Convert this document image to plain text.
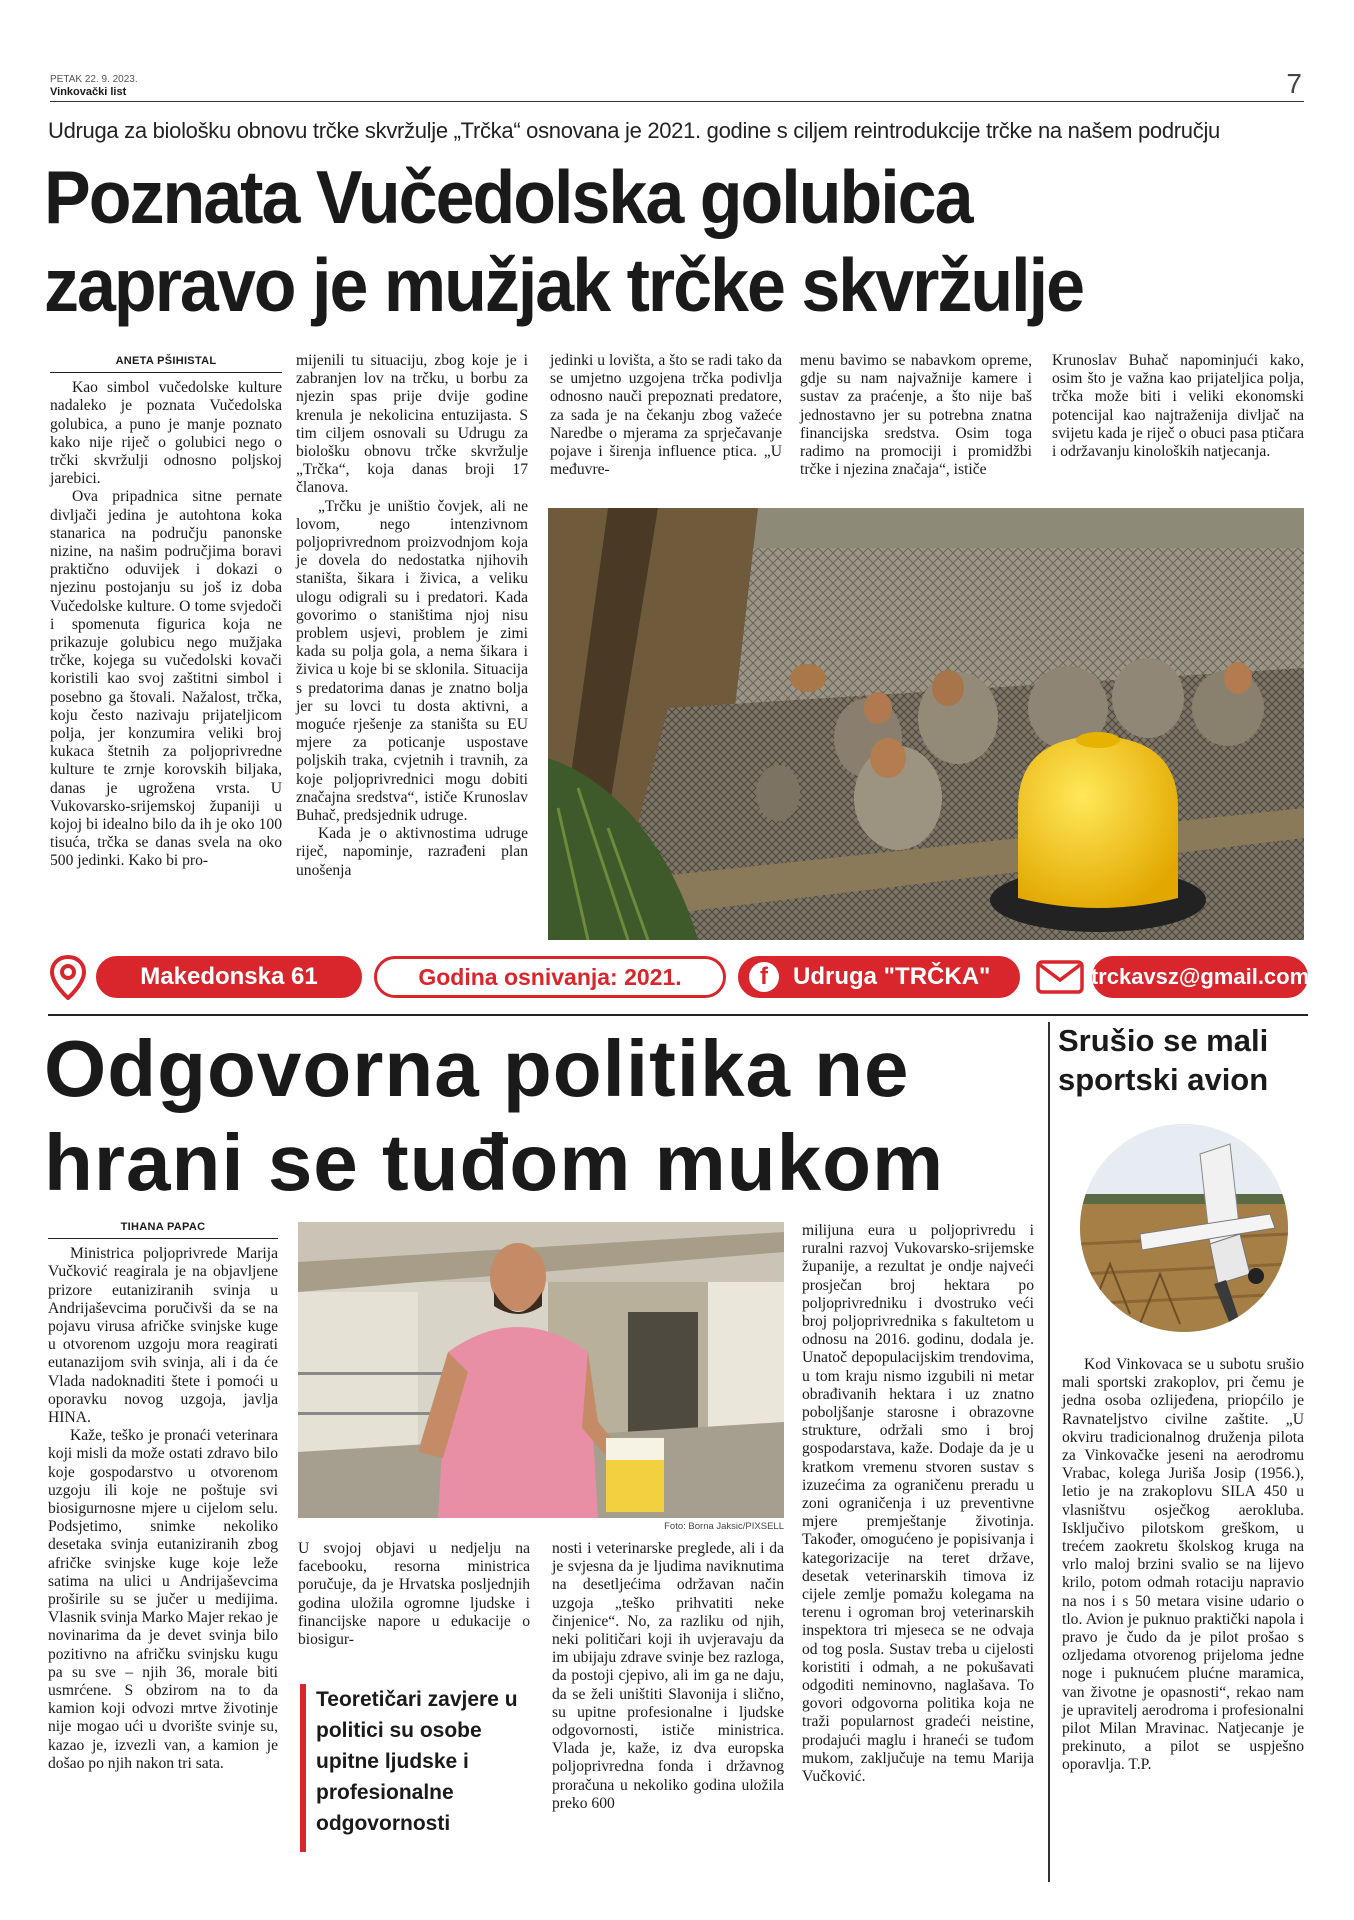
PETAK 22. 9. 2023.
Vinkovački list	7
Udruga za biološku obnovu trčke skvržulje „Trčka“ osnovana je 2021. godine s ciljem reintrodukcije trčke na našem području
Poznata Vučedolska golubica
zapravo je mužjak trčke skvržulje
ANETA PŠIHISTAL

Kao simbol vučedolske kulture nadaleko je poznata Vučedolska golubica, a puno je manje poznato kako nije riječ o golubici nego o trčki skvržulji odnosno poljskoj jarebici.

Ova pripadnica sitne pernate divljači jedina je autohtona koka stanarica na području panonske nizine, na našim područjima boravi praktično oduvijek i dokazi o njezinu postojanju su još iz doba Vučedolske kulture. O tome svjedoči i spomenuta figurica koja ne prikazuje golubicu nego mužjaka trčke, kojega su vučedolski kovači koristili kao svoj zaštitni simbol i posebno ga štovali. Nažalost, trčka, koju često nazivaju prijateljicom polja, jer konzumira veliki broj kukaca štetnih za poljoprivredne kulture te zrnje korovskih biljaka, danas je ugrožena vrsta. U Vukovarsko-srijemskoj županiji u kojoj bi idealno bilo da ih je oko 100 tisuća, trčka se danas svela na oko 500 jedinki. Kako bi pro-

mijenili tu situaciju, zbog koje je i zabranjen lov na trčku, u borbu za njezin spas prije dvije godine krenula je nekolicina entuzijasta. S tim ciljem osnovali su Udrugu za biološku obnovu trčke skvržulje „Trčka“, koja danas broji 17 članova.

„Trčku je uništio čovjek, ali ne lovom, nego intenzivnom poljoprivrednom proizvodnjom koja je dovela do nedostatka njihovih staništa, šikara i živica, a veliku ulogu odigrali su i predatori. Kada govorimo o staništima njoj nisu problem usjevi, problem je zimi kada su polja gola, a nema šikara i živica u koje bi se sklonila. Situacija s predatorima danas je znatno bolja jer su lovci tu dosta aktivni, a moguće rješenje za staništa su EU mjere za poticanje uspostave poljskih traka, cvjetnih i travnih, za koje poljoprivrednici mogu dobiti značajna sredstva“, ističe Krunoslav Buhač, predsjednik udruge.

Kada je o aktivnostima udruge riječ, napominje, razrađeni plan unošenja

jedinki u lovišta, a što se radi tako da se umjetno uzgojena trčka podivlja odnosno nauči prepoznati predatore, za sada je na čekanju zbog važeće Naredbe o mjerama za sprječavanje pojave i širenja influence ptica. „U međuvre-

menu bavimo se nabavkom opreme, gdje su nam najvažnije kamere i sustav za praćenje, a što nije baš jednostavno jer su potrebna znatna financijska sredstva. Osim toga radimo na promociji i promidžbi trčke i njezina značaja“, ističe

Krunoslav Buhač napominjući kako, osim što je važna kao prijateljica polja, trčka može biti i veliki ekonomski potencijal kao najtraženija divljač na svijetu kada je riječ o obuci pasa ptičara i održavanju kinoloških natjecanja.

Makedonska 61	Godina osnivanja: 2021.	f	Udruga "TRČKA"	trckavsz@gmail.com
Odgovorna politika ne
hrani se tuđom mukom
TIHANA PAPAC

Ministrica poljoprivrede Marija Vučković reagirala je na objavljene prizore eutaniziranih svinja u Andrijaševcima poručivši da se na pojavu virusa afričke svinjske kuge u otvorenom uzgoju mora reagirati eutanazijom svih svinja, ali i da će Vlada nadoknaditi štete i pomoći u oporavku novog uzgoja, javlja HINA.

Kaže, teško je pronaći veterinara koji misli da može ostati zdravo bilo koje gospodarstvo u otvorenom uzgoju ili koje ne poštuje svi biosigurnosne mjere u cijelom selu. Podsjetimo, snimke nekoliko desetaka svinja eutaniziranih zbog afričke svinjske kuge koje leže satima na ulici u Andrijaševcima proširile su se jučer u medijima. Vlasnik svinja Marko Majer rekao je novinarima da je devet svinja bilo pozitivno na afričku svinjsku kugu pa su sve – njih 36, morale biti usmrćene. S obzirom na to da kamion koji odvozi mrtve životinje nije mogao ući u dvorište svinje su, kazao je, izvezli van, a kamion je došao po njih nakon tri sata.

Foto: Borna Jaksic/PIXSELL

U svojoj objavi u nedjelju na facebooku, resorna ministrica poručuje, da je Hrvatska posljednjih godina uložila ogromne ljudske i financijske napore u edukacije o biosigur-

Teoretičari zavjere u politici su osobe upitne ljudske i profesionalne odgovornosti

nosti i veterinarske preglede, ali i da je svjesna da je ljudima naviknutima na desetljećima održavan način uzgoja „teško prihvatiti neke činjenice“. No, za razliku od njih, neki političari koji ih uvjeravaju da im ubijaju zdrave svinje bez razloga, da postoji cjepivo, ali im ga ne daju, da se želi uništiti Slavonija i slično, su upitne profesionalne i ljudske odgovornosti, ističe ministrica. Vlada je, kaže, iz dva europska poljoprivredna fonda i državnog proračuna u nekoliko godina uložila preko 600

milijuna eura u poljoprivredu i ruralni razvoj Vukovarsko-srijemske županije, a rezultat je ondje najveći prosječan broj hektara po poljoprivredniku i dvostruko veći broj poljoprivrednika s fakultetom u odnosu na 2016. godinu, dodala je. Unatoč depopulacijskim trendovima, u tom kraju nismo izgubili ni metar obrađivanih hektara i uz znatno poboljšanje starosne i obrazovne strukture, održali smo i broj gospodarstava, kaže. Dodaje da je u kratkom vremenu stvoren sustav s izuzećima za ograničenu preradu u zoni ograničenja i uz preventivne mjere premještanje životinja. Također, omogućeno je popisivanja i kategorizacije na teret države, desetak veterinarskih timova iz cijele zemlje pomažu kolegama na terenu i ogroman broj veterinarskih inspektora tri mjeseca se ne odvaja od tog posla. Sustav treba u cijelosti koristiti i odmah, a ne pokušavati odgoditi neminovno, naglašava. To govori odgovorna politika koja ne traži popularnost gradeći neistine, prodajući maglu i hraneći se tuđom mukom, zaključuje na temu Marija Vučković.

Srušio se mali
sportski avion

Kod Vinkovaca se u subotu srušio mali sportski zrakoplov, pri čemu je jedna osoba ozlijeđena, priopćilo je Ravnateljstvo civilne zaštite. „U okviru tradicionalnog druženja pilota za Vinkovačke jeseni na aerodromu Vrabac, kolega Juriša Josip (1956.), letio je na zrakoplovu SILA 450 u vlasništvu osječkog aerokluba. Isključivo pilotskom greškom, u trećem zaokretu školskog kruga na vrlo maloj brzini svalio se na lijevo krilo, potom odmah rotaciju napravio na nos i s 50 metara visine udario o tlo. Avion je puknuo praktički napola i pravo je čudo da je pilot prošao s ozljedama otvorenog prijeloma jedne noge i puknućem plućne maramica, van životne je opasnosti“, rekao nam je upravitelj aerodroma i profesionalni pilot Milan Mravinac. Natjecanje je prekinuto, a pilot se uspješno oporavlja. T.P.
